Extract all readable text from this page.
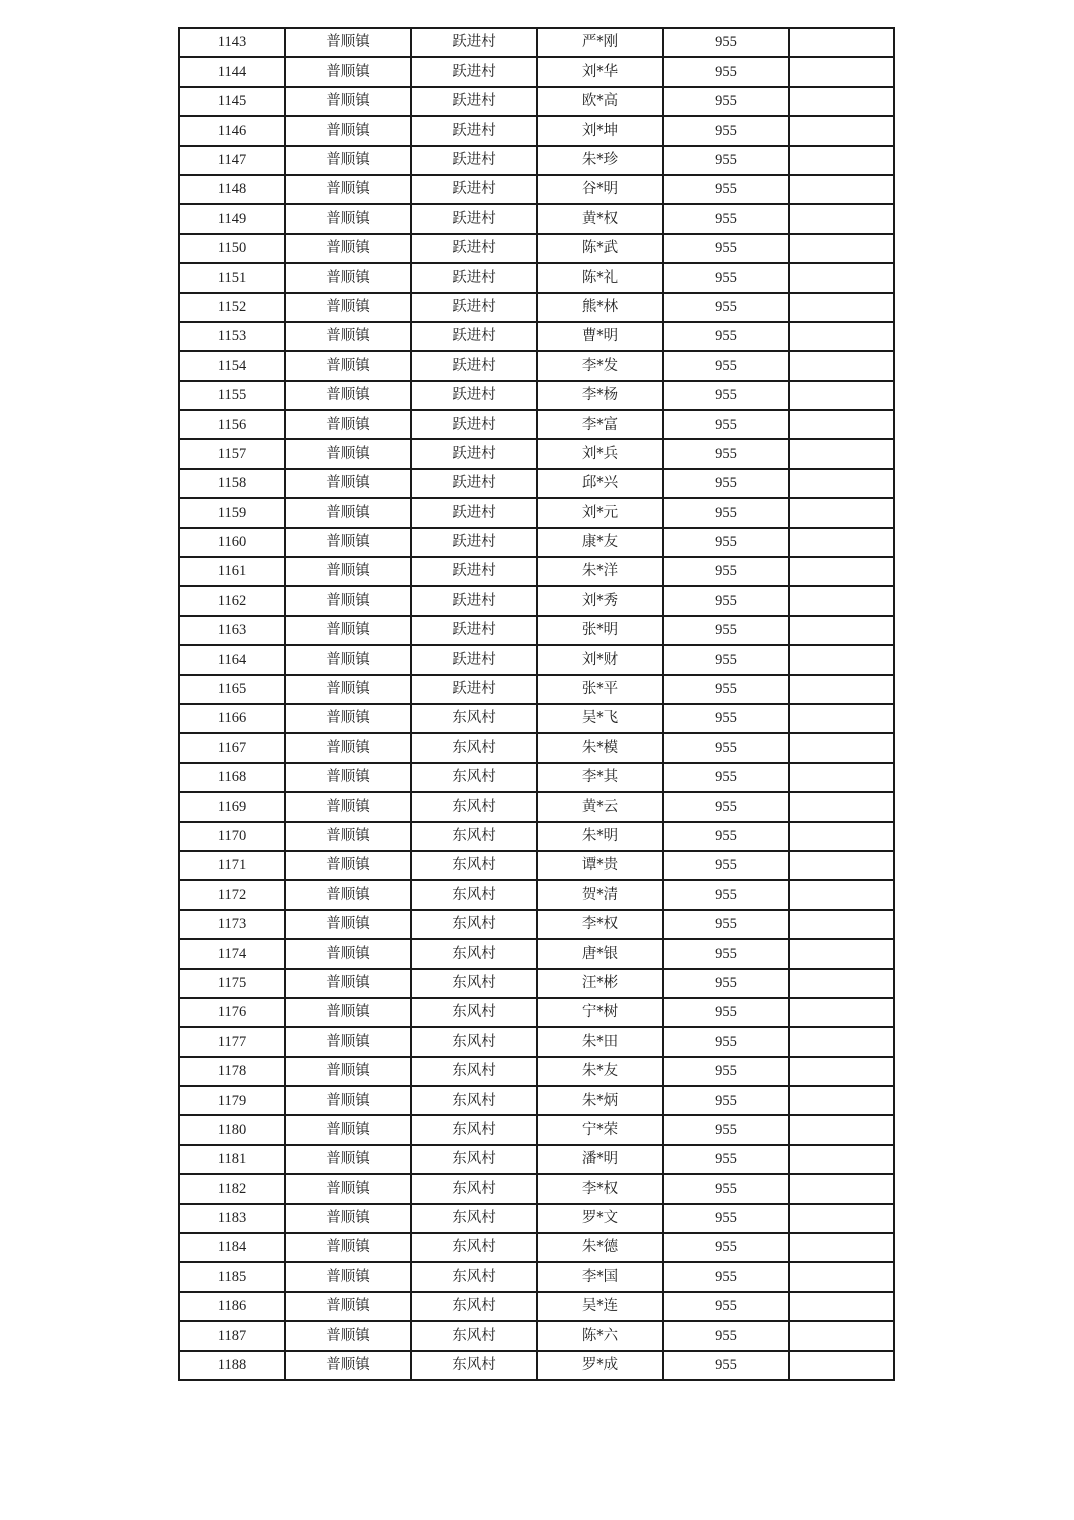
1143	普顺镇	跃进村	严*刚	955	
1144	普顺镇	跃进村	刘*华	955	
1145	普顺镇	跃进村	欧*高	955	
1146	普顺镇	跃进村	刘*坤	955	
1147	普顺镇	跃进村	朱*珍	955	
1148	普顺镇	跃进村	谷*明	955	
1149	普顺镇	跃进村	黄*权	955	
1150	普顺镇	跃进村	陈*武	955	
1151	普顺镇	跃进村	陈*礼	955	
1152	普顺镇	跃进村	熊*林	955	
1153	普顺镇	跃进村	曹*明	955	
1154	普顺镇	跃进村	李*发	955	
1155	普顺镇	跃进村	李*杨	955	
1156	普顺镇	跃进村	李*富	955	
1157	普顺镇	跃进村	刘*兵	955	
1158	普顺镇	跃进村	邱*兴	955	
1159	普顺镇	跃进村	刘*元	955	
1160	普顺镇	跃进村	康*友	955	
1161	普顺镇	跃进村	朱*洋	955	
1162	普顺镇	跃进村	刘*秀	955	
1163	普顺镇	跃进村	张*明	955	
1164	普顺镇	跃进村	刘*财	955	
1165	普顺镇	跃进村	张*平	955	
1166	普顺镇	东风村	吴*飞	955	
1167	普顺镇	东风村	朱*模	955	
1168	普顺镇	东风村	李*其	955	
1169	普顺镇	东风村	黄*云	955	
1170	普顺镇	东风村	朱*明	955	
1171	普顺镇	东风村	谭*贵	955	
1172	普顺镇	东风村	贺*清	955	
1173	普顺镇	东风村	李*权	955	
1174	普顺镇	东风村	唐*银	955	
1175	普顺镇	东风村	汪*彬	955	
1176	普顺镇	东风村	宁*树	955	
1177	普顺镇	东风村	朱*田	955	
1178	普顺镇	东风村	朱*友	955	
1179	普顺镇	东风村	朱*炳	955	
1180	普顺镇	东风村	宁*荣	955	
1181	普顺镇	东风村	潘*明	955	
1182	普顺镇	东风村	李*权	955	
1183	普顺镇	东风村	罗*文	955	
1184	普顺镇	东风村	朱*德	955	
1185	普顺镇	东风村	李*国	955	
1186	普顺镇	东风村	吴*连	955	
1187	普顺镇	东风村	陈*六	955	
1188	普顺镇	东风村	罗*成	955	
